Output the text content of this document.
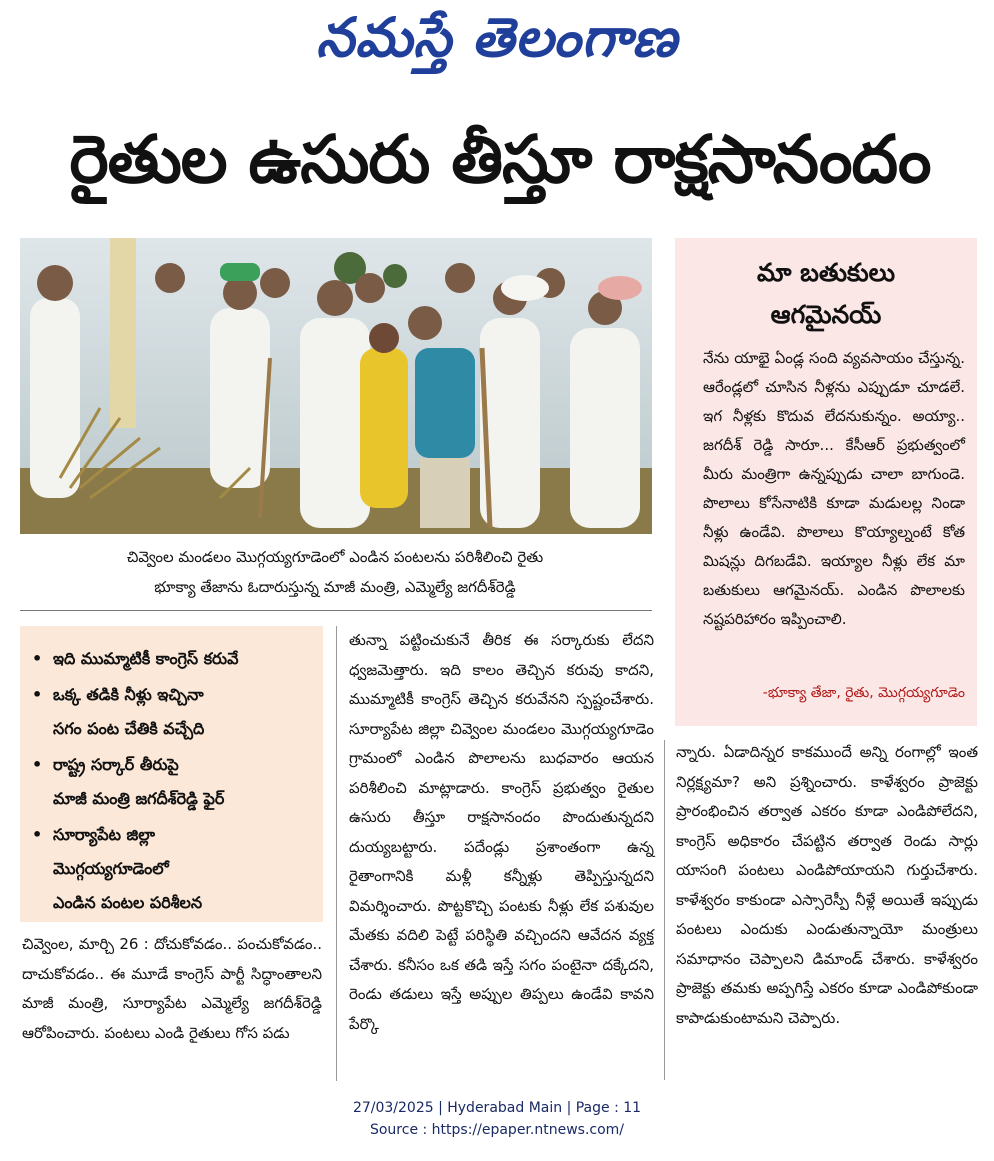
నమస్తే తెలంగాణ
రైతుల ఉసురు తీస్తూ రాక్షసానందం
చివ్వెంల మండలం మొగ్గయ్యగూడెంలో ఎండిన పంటలను పరిశీలించి రైతు
భూక్యా తేజాను ఓదారుస్తున్న మాజీ మంత్రి, ఎమ్మెల్యే జగదీశ్‌రెడ్డి
మా బతుకులు
ఆగమైనయ్
నేను యాభై ఏండ్ల సంది వ్యవసాయం చేస్తున్న. ఆరేండ్లలో చూసిన నీళ్లను ఎప్పుడూ చూడలే. ఇగ నీళ్లకు కొదువ లేదనుకున్నం. అయ్యా.. జగదీశ్ రెడ్డి సారూ... కేసీఆర్ ప్రభుత్వంలో మీరు మంత్రిగా ఉన్నప్పుడు చాలా బాగుండె. పొలాలు కోసేనాటికి కూడా మడులల్ల నిండా నీళ్లు ఉండేవి. పొలాలు కొయ్యాల్నంటే కోత మిషన్లు దిగబడేవి. ఇయ్యాల నీళ్లు లేక మా బతుకులు ఆగమైనయ్. ఎండిన పొలాలకు నష్టపరిహారం ఇప్పించాలి.
-భూక్యా తేజా, రైతు, మొగ్గయ్యగూడెం
• ఇది ముమ్మాటికీ కాంగ్రెస్ కరువే
• ఒక్క తడికి నీళ్లు ఇచ్చినా
సగం పంట చేతికి వచ్చేది
• రాష్ట్ర సర్కార్ తీరుపై
మాజీ మంత్రి జగదీశ్‌రెడ్డి ఫైర్
• సూర్యాపేట జిల్లా
మొగ్గయ్యగూడెంలో
ఎండిన పంటల పరిశీలన
చివ్వెంల, మార్చి 26 : దోచుకోవడం.. పంచుకోవడం.. దాచుకోవడం.. ఈ మూడే కాంగ్రెస్ పార్టీ సిద్ధాంతాలని మాజీ మంత్రి, సూర్యాపేట ఎమ్మెల్యే జగదీశ్‌రెడ్డి ఆరోపించారు. పంటలు ఎండి రైతులు గోస పడు
తున్నా పట్టించుకునే తీరిక ఈ సర్కారుకు లేదని ధ్వజమెత్తారు. ఇది కాలం తెచ్చిన కరువు కాదని, ముమ్మాటికీ కాంగ్రెస్ తెచ్చిన కరువేనని స్పష్టంచేశారు. సూర్యాపేట జిల్లా చివ్వెంల మండలం మొగ్గయ్యగూడెం గ్రామంలో ఎండిన పొలాలను బుధవారం ఆయన పరిశీలించి మాట్లాడారు. కాంగ్రెస్ ప్రభుత్వం రైతుల ఉసురు తీస్తూ రాక్షసానందం పొందుతున్నదని దుయ్యబట్టారు. పదేండ్లు ప్రశాంతంగా ఉన్న రైతాంగానికి మళ్లీ కన్నీళ్లు తెప్పిస్తున్నదని విమర్శించారు. పొట్టకొచ్చి పంటకు నీళ్లు లేక పశువుల మేతకు వదిలి పెట్టే పరిస్థితి వచ్చిందని ఆవేదన వ్యక్త చేశారు. కనీసం ఒక తడి ఇస్తే సగం పంటైనా దక్కేదని, రెండు తడులు ఇస్తే అప్పుల తిప్పలు ఉండేవి కావని పేర్కొ
న్నారు. ఏడాదిన్నర కాకముందే అన్ని రంగాల్లో ఇంత నిర్లక్ష్యమా? అని ప్రశ్నించారు. కాళేశ్వరం ప్రాజెక్టు ప్రారంభించిన తర్వాత ఎకరం కూడా ఎండిపోలేదని, కాంగ్రెస్ అధికారం చేపట్టిన తర్వాత రెండు సార్లు యాసంగి పంటలు ఎండిపోయాయని గుర్తుచేశారు. కాళేశ్వరం కాకుండా ఎస్సారెస్పీ నీళ్లే అయితే ఇప్పుడు పంటలు ఎందుకు ఎండుతున్నాయో మంత్రులు సమాధానం చెప్పాలని డిమాండ్ చేశారు. కాళేశ్వరం ప్రాజెక్టు తమకు అప్పగిస్తే ఎకరం కూడా ఎండిపోకుండా కాపాడుకుంటామని చెప్పారు.
27/03/2025 | Hyderabad Main | Page : 11
Source : https://epaper.ntnews.com/
